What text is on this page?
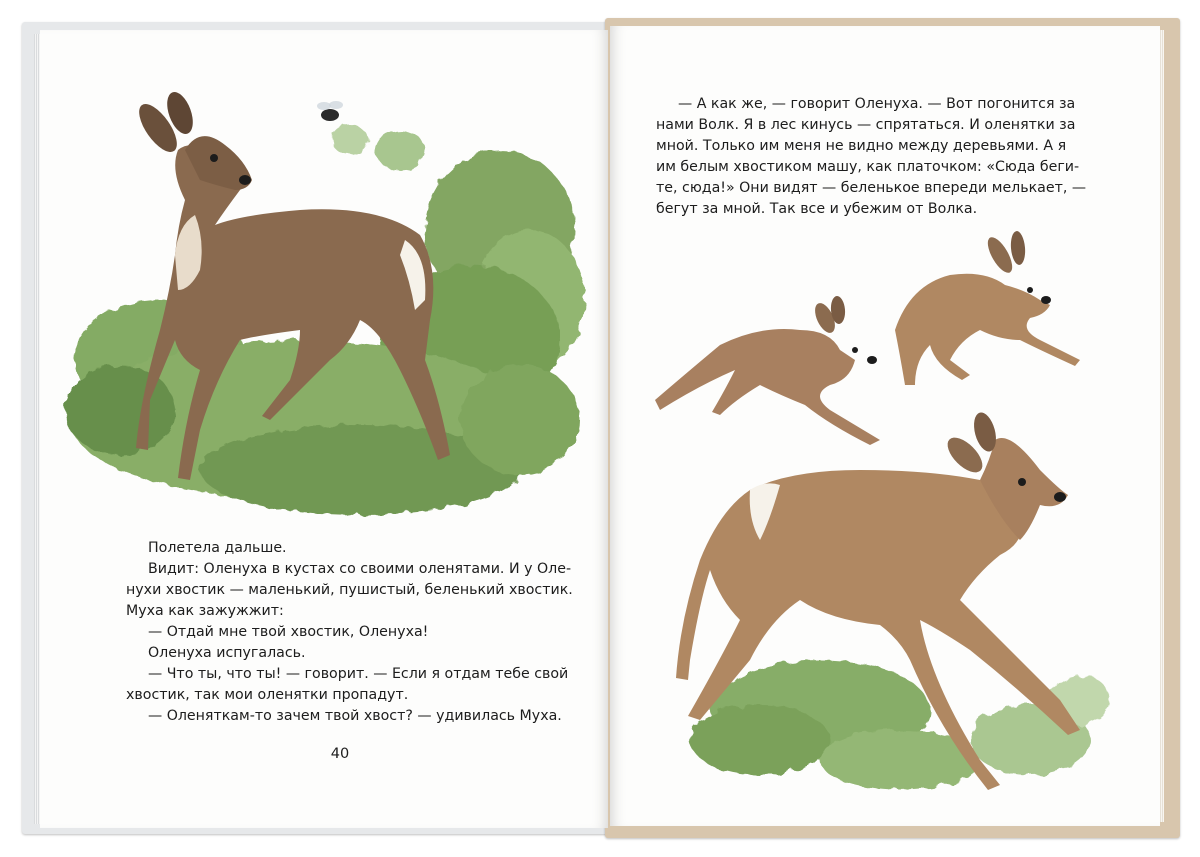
Полетела дальше.

Видит: Оленуха в кустах со своими оленятами. И у Оле-

нухи хвостик — маленький, пушистый, беленький хвостик.

Муха как зажужжит:

— Отдай мне твой хвостик, Оленуха!

Оленуха испугалась.

— Что ты, что ты! — говорит. — Если я отдам тебе свой

хвостик, так мои оленятки пропадут.

— Оленяткам-то зачем твой хвост? — удивилась Муха.

40

— А как же, — говорит Оленуха. — Вот погонится за

нами Волк. Я в лес кинусь — спрятаться. И олeнятки за

мной. Только им меня не видно между деревьями. А я

им белым хвостиком машу, как платочком: «Сюда беги-

те, сюда!» Они видят — беленькое впереди мелькает, —

бегут за мной. Так все и убежим от Волка.
